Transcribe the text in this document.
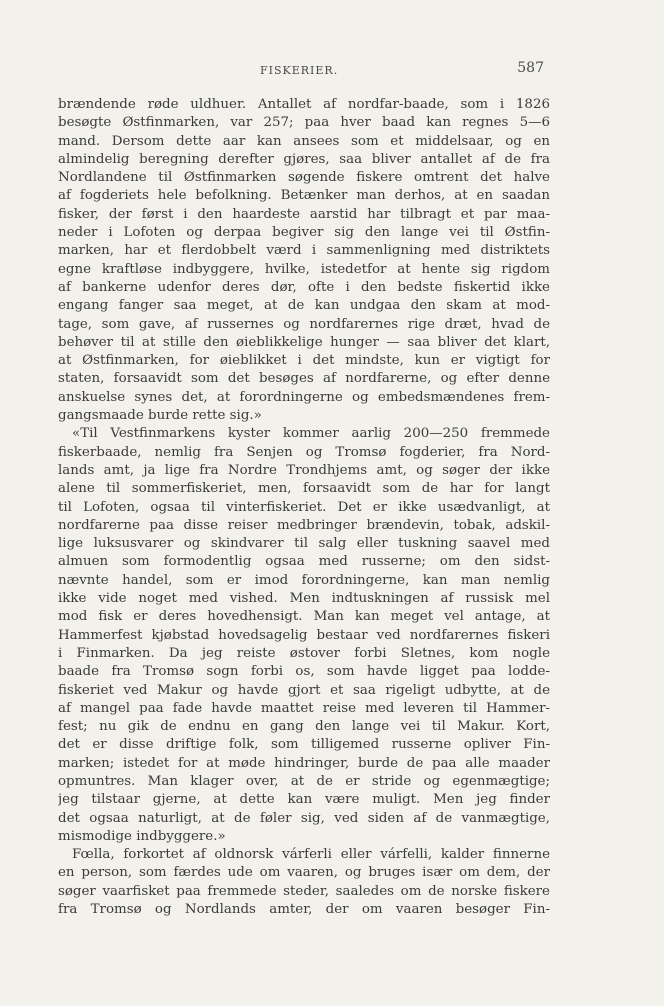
FISKERIER.	587
brændende røde uldhuer. Antallet af nordfar-baade, som i 1826
besøgte Østfinmarken, var 257; paa hver baad kan regnes 5—6
mand. Dersom dette aar kan ansees som et middelsaar, og en
almindelig beregning derefter gjøres, saa bliver antallet af de fra
Nordlandene til Østfinmarken søgende fiskere omtrent det halve
af fogderiets hele befolkning. Betænker man derhos, at en saadan
fisker, der først i den haardeste aarstid har tilbragt et par maa-
neder i Lofoten og derpaa begiver sig den lange vei til Østfin-
marken, har et flerdobbelt værd i sammenligning med distriktets
egne kraftløse indbyggere, hvilke, istedetfor at hente sig rigdom
af bankerne udenfor deres dør, ofte i den bedste fiskertid ikke
engang fanger saa meget, at de kan undgaa den skam at mod-
tage, som gave, af russernes og nordfarernes rige dræt, hvad de
behøver til at stille den øieblikkelige hunger — saa bliver det klart,
at Østfinmarken, for øieblikket i det mindste, kun er vigtigt for
staten, forsaavidt som det besøges af nordfarerne, og efter denne
anskuelse synes det, at forordningerne og embedsmændenes frem-
gangsmaade burde rette sig.»
«Til Vestfinmarkens kyster kommer aarlig 200—250 fremmede
fiskerbaade, nemlig fra Senjen og Tromsø fogderier, fra Nord-
lands amt, ja lige fra Nordre Trondhjems amt, og søger der ikke
alene til sommerfiskeriet, men, forsaavidt som de har for langt
til Lofoten, ogsaa til vinterfiskeriet. Det er ikke usædvanligt, at
nordfarerne paa disse reiser medbringer brændevin, tobak, adskil-
lige luksusvarer og skindvarer til salg eller tuskning saavel med
almuen som formodentlig ogsaa med russerne; om den sidst-
nævnte handel, som er imod forordningerne, kan man nemlig
ikke vide noget med vished. Men indtuskningen af russisk mel
mod fisk er deres hovedhensigt. Man kan meget vel antage, at
Hammerfest kjøbstad hovedsagelig bestaar ved nordfarernes fiskeri
i Finmarken. Da jeg reiste østover forbi Sletnes, kom nogle
baade fra Tromsø sogn forbi os, som havde ligget paa lodde-
fiskeriet ved Makur og havde gjort et saa rigeligt udbytte, at de
af mangel paa fade havde maattet reise med leveren til Hammer-
fest; nu gik de endnu en gang den lange vei til Makur. Kort,
det er disse driftige folk, som tilligemed russerne opliver Fin-
marken; istedet for at møde hindringer, burde de paa alle maader
opmuntres. Man klager over, at de er stride og egenmægtige;
jeg tilstaar gjerne, at dette kan være muligt. Men jeg finder
det ogsaa naturligt, at de føler sig, ved siden af de vanmægtige,
mismodige indbyggere.»
Fœlla, forkortet af oldnorsk várferli eller várfelli, kalder finnerne
en person, som færdes ude om vaaren, og bruges især om dem, der
søger vaarfisket paa fremmede steder, saaledes om de norske fiskere
fra Tromsø og Nordlands amter, der om vaaren besøger Fin-
